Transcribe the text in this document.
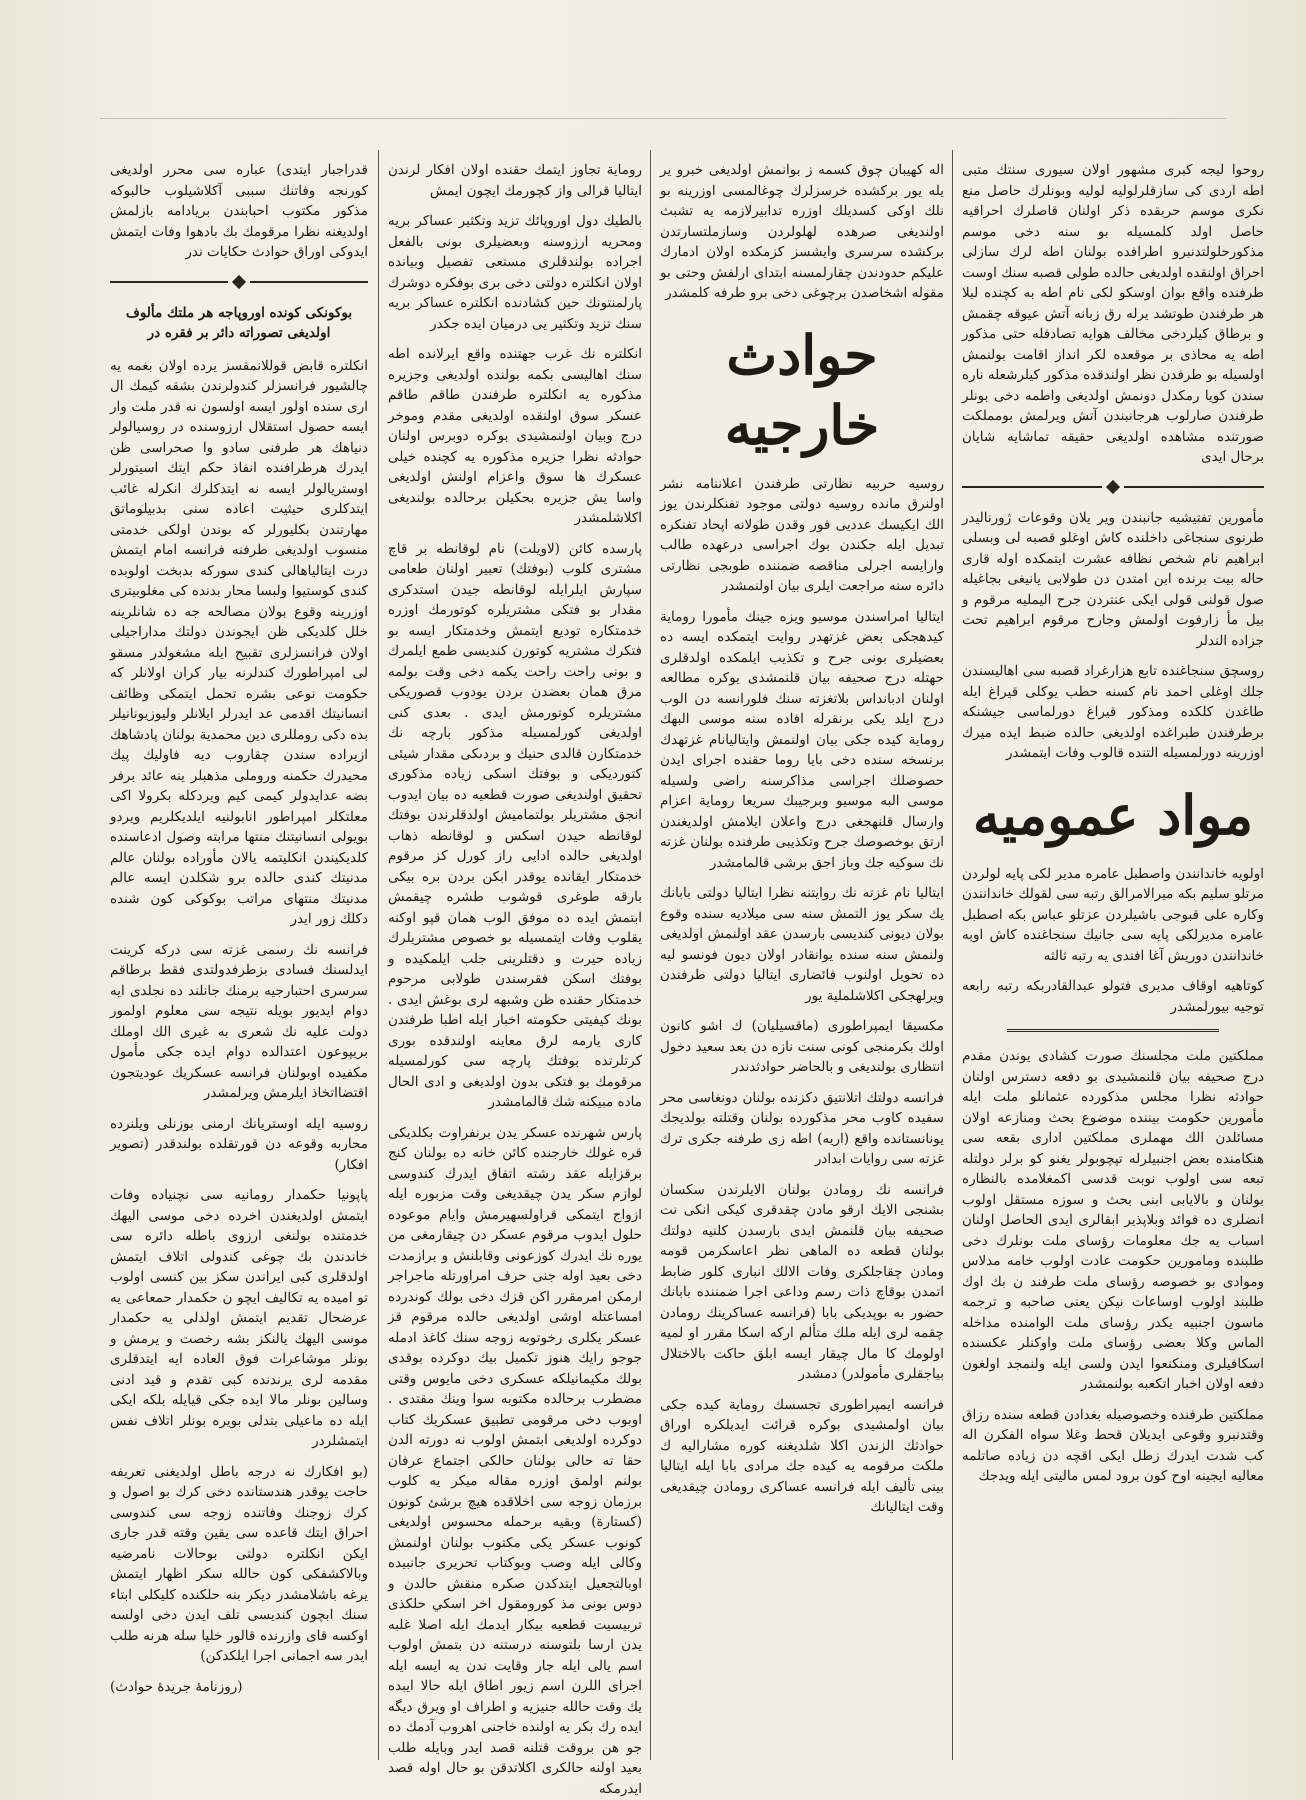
روحوا ليجه كبرى مشهور اولان سيورى سنتك متبى اطه اردى كى سازقلرلوليه لوليه وبونلرك حاصل منع نكرى موسم حربقده ذكر اولنان قاصلرك احراقيه حاصل اولد كلمسيله بو سنه دخى موسم مذكورحلولتدنبرو اطرافده بولنان اطه لرك سازلى احراق اولنقده اولديغى حالده طولى قصبه سنك اوست طرفنده واقع بوان اوسكو لكى نام اطه به كچنده ليلا هر طرفندن طوتشد يرله رق زبانه آتش عيوقه چقمش و برطاق كيلردخى مخالف هوايه تصادفله حتى مذكور اطه يه محاذى بر موقعده لكر انداز اقامت بولنمش اولسيله بو طرفدن نظر اولندقده مذكور كيلرشعله ناره سندن كويا رمكدل دونمش اولديغى واطمه دخى بونلر طرفندن صارلوب هرجانبندن آتش ويرلمش بومملكت صورتنده مشاهده اولديغى حقيقه تماشايه شايان برحال ايدى

مأمورين تفتيشيه جانبندن وير يلان وقوعات ژورناليدر طرنوى سنجاغى داخلنده كاش اوغلو قصبه لى وبسلى ابراهيم نام شخص نظافه عشرت ايتمكده اوله قارى حاله بيت برنده ابن امتدن دن طولابى يانيغى بجاغيله صول قولنى قولى ايكى عنتردن جرح اليمليه مرقوم و بيل مأ زارفوت اولمش وجارح مرقوم ابراهيم تحت جزاده الندلر

روسچق سنجاغنده تابع هزارغراد قصبه سى اهاليسندن جلك اوغلى احمد نام كسنه حطب يوكلى قيراغ ايله طاغدن كلكده ومذكور قيراغ دورلماسى جيشنكه برطرفندن طبراغده اولديغى حالده ضبط ايده ميرك اوزرينه دورلمسيله التنده قالوب وفات ايتمشدر

مواد عمومیه

اولويه خاندانندن واصطبل عامره مدير لكى پايه لولردن مرتلو سليم بكه ميرالامرالق رتبه سى لقولك خاندانندن وكاره على قبوجى باشيلردن عزتلو عباس بكه اصطبل عامره مديرلكى پايه سى جانيك سنجاغنده كاش اوبه خاندانندن دوريش آغا افندى يه رتبه ثالثه

كوتاهيه اوقاف مديرى فتولو عبدالقادربكه رتبه رابعه توجيه بيورلمشدر

مملكتين ملت مجلسنك صورت كشادى يوندن مقدم درج صحيفه بيان قلنمشيدى بو دفعه دسترس اولنان حوادثه نظرا مجلس مذكورده عثمانلو ملت ايله مأمورين حكومت بيننده موضوع بحث ومنازعه اولان مسائلدن الك مهملرى مملكتين ادارى بقعه سى هنكامنده بعض اجنبيلرله تپچوبولر يغنو كو برلر دولتله تبعه سى اولوب نوبت قدسى اكمغلامده بالنظاره بولنان و بالايابى ابنى بحث و سوزه مستقل اولوب انضلرى ده فوائد وبلاپذير ابقالرى ايدى الحاصل اولنان اسباب يه جك معلومات رؤساى ملت بونلرك دخى طلبنده ومامورين حكومت عادت اولوب خامه مدلاس وموادى بو خصوصه رؤساى ملت طرفند ن بك اوك طلبند اولوب اوساعات نيكن يعنى صاحبه و ترجمه ماسون اجنبيه يكدر رؤساى ملت الوامنده مداخله الماس وكلا بعضى رؤساى ملت واوكنلر عكسنده اسكافيلرى ومنكنعوا ايدن ولسى ايله ولنمجد اولغون دفعه اولان اخبار اتكعبه بولنمشدر

مملكتين طرفنده وخصوصيله بغدادن قطعه سنده رزاق وقتدنبرو وقوعى ايديلان قحط وغلا سواه الفكرن اله كب شدت ايدرك زطل ايكى اقچه دن زياده صاتلمه معاليه ايجينه اوح كون برود لمس ماليتى ايله ويدجك

اله كهيبان چوق كسمه ز بوانمش اولديغى خبرو ير يله يور بركشده خرسزلرك چوغالمسى اوزرينه بو نلك اوكى كسديلك اوزره تدابيرلازمه يه تشبث اولنديغى صرهده لهلولردن وسازملتسارتدن بركشده سرسرى وايشسز كزمكده اولان ادمارك عليكم حدودندن چقارلمسنه ابتداى ارلفش وحتى بو مقوله اشخاصدن برچوغى دخى برو طرفه كلمشدر

حوادث خارجیه

روسيه حربيه نظارتى طرفندن اعلاننامه نشر اولنرق مانده روسيه دولتى موجود تفنكلرندن يوز الك ايكيسك عدديى فور وقدن طولانه اپحاد تفنكره تبديل ايله جكندن بوك اجراسى درعهده طالب وارايسه اجرلى مناقصه ضمننده طوبجى نظارتى دائره سنه مراجعت ايلرى بيان اولنمشدر

ايتاليا امراسندن موسيو ويزه جينك مأمورا روماية كيدهجكى بعض غزتهدر روايت ايتمكده ايسه ده بعضيلرى بونى جرح و تكذيب ايلمكده اولدقلرى حهتله درج صحيفه بيان قلنمشدى يوكره مطالعه اولنان ادبانداس بلاتغزته سنك فلورانسه دن الوب درج ايلد يكى برنقرله افاده سنه موسى البهك روماية كيده جكى بيان اولنمش وايتاليانام غزتهدك برنسخه سنده دخى بايا روما حقنده اجراى ايدن حصوصلك اجراسى مذاكرسنه راضى ولسيله موسى البه موسيو وبرجيبك سريعا روماية اعزام وارسال قلنهجغى درج واعلان ايلامش اولديغندن ارتق بوخصوصك جرح وتكذيبى طرفنده بولنان غزته نك سوكيه جك وباز اجق برشى قالمامشدر

ايتاليا نام غزته نك روايتنه نظرا ايتاليا دولتى بابانك يك سكر يوز التمش سنه سى ميلاديه سنده وقوع بولان ديونى كنديسى بارسدن عقد اولنمش اولديغى ولنمش سنه سنده يوانقادر اولان ديون فونسو ليه ده تحويل اولنوب فائضارى ايتاليا دولتى طرفندن ويرلهجكى اكلاشلملية يور

مكسيقا ايمپراطورى (ماقسيليان) ك اشو كانون اولك بكرمنجى كونى سنت نازه دن بعد سعيد دخول انتظارى بولنديغى و بالحاضر حوادثدندر

فرانسه دولتك اتلانتيق دكزنده بولنان دونغاسى محر سفيده كاوب محر مذكورده بولنان وقتلته بولديجك يونانستانده واقع (اريه) اطه زى طرفنه جكرى ترك غزته سى روايات ابدادر

فرانسه نك رومادن بولنان الايلرندن سكسان بشنجى الايك ارقو مادن چقدقرى كيكى انكى نت صحيفه بيان قلنمش ايدى بارسدن كلنيه دولتك بولنان قطعه ده الماهى نظر اعاسكرمن قومه ومادن چقاجلكرى وفات الالك انبارى كلور ضابط اتمدن بوقاچ ذات رسم وداعى اجرا ضمننده بابانك حضور به بوپديكى بابا (فرانسه عساكرينك رومادن چقمه لرى ايله ملك متألم اركه اسكا مقرر او لميه اولومك كا مال چيقار ايسه ابلق حاكت بالاختلال بياجقلرى مأمولدر) دمشدر

فرانسه ايمپراطورى تجسسك روماية كيده جكى بيان اولمشيدى بوكره قرائت ايديلكره اوراق حوادثك الزندن اكلا شلديغنه كوره مشاراليه ك ملكت مرقومه يه كيده جك مرادى بابا ايله ايتاليا بينى تأليف ايله فرانسه عساكرى رومادن چيقديغى وقت ايتاليانك

روماية تجاوز ايتمك حقنده اولان افكار لرندن ايتاليا قرالى واز كچورمك ايچون ايمش

بالطيك دول اوروپائك تزيد وتكثير عساكر بريه ومحريه ارزوسنه وبعضيلرى بونى بالفعل اجراده بولندقلرى مستعى تفصيل وبيانده اولان انكلتره دولتى دخى برى بوفكره دوشرك پارلمنتونك حين كشادنده انكلتره عساكر بريه سنك تزيد وتكثير يى درميان ايده جكدر

انكلتره نك غرب جهتنده واقع ايرلانده اطه سنك اهاليسى بكمه بولنده اولديغى وجزيره مذكوره يه انكلتره طرفندن طاقم طاقم عسكر سوق اولنقده اولديغى مقدم وموخر درج وبيان اولنمشيدى بوكره دوبرس اولنان حوادثه نظرا جزيره مذكوره يه كچنده خيلى عسكرك ها سوق واعزام اولنش اولديغى واسا يش جزيره بحكيلن برحالده بولنديغى اكلاشلمشدر

پارسده كائن (لاويلت) نام لوقانطه بر قاچ مشترى كلوب (بوفتك) تعبير اولنان طعامى سپارش ايلرايله لوقانطه جيدن استدكرى مقدار بو فتكى مشتريلره كوتورمك اوزره خدمتكاره توديع ايتمش وخدمتكار ايسه بو فتكرك مشتريه كوتورن كنديسى طمع ايلمرك و بونى راحت راحت يكمه دخى وقت بولمه مرق همان بعضدن بردن يودوب قصوريكى مشتريلره كوتورمش ايدى . بعدى كنى اولديغى كورلمسيله مذكور بارچه نك خدمتكارن قالدى حنيك و بردىكى مقدار شيئى كتورديكى و بوفتك اسكى زياده مذكورى تحقيق اولنديغى صورت قطعيه ده بيان ايدوب انجق مشتريلر بولتماميش اولدقلرندن بوفتك لوقانطه حيدن اسكس و لوقانطه ذهاب اولديغى حالده ادايى راز كورل كز مرقوم خدمتكار ايقانده يوقدر ابكن بردن بره بيكى بارقه طوغرى قوشوب طشره چيقمش ابتمش ايده ده موفق الوب همان قپو اوكنه يقلوب وفات ايتمسيله بو خصوص مشتريلرك زياده حيرت و دقتلرينى جلب ايلمكيده و بوفتك اسكن فقرسندن طولابى مرحوم خدمتكار حقنده ظن وشبهه لرى بوغش ايدى . بونك كيفيتى حكومته اخبار ايله اطبا طرفندن كارى يارمه لرق معاينه اولندقده بورى كرتلرتده بوفتك پارچه سى كورلمسيله مرقومك بو فتكى بدون اولديغى و ادى الحال ماده مبيكنه شك قالمامشدر

پارس شهرنده عسكر يدن برنفراوت بكلديكى قره غولك خارجنده كائن خانه ده بولنان كنج برقزايله عقد رشته اتفاق ايدرك كندوسى لوازم سكر يدن چيقديغى وقت مزبوره ايله ازواج ايتمكى قراولسهيرمش وايام موعوده حلول ايدوب مرقوم عسكر دن چيقارمغى من يوره نك ايدرك كوزعونى وقابلنش و برازمدت دخى بعيد اوله جنى حرف امراورتله ماجراجر ارمكن امرمقرر اكن قزك دخى بولك كوندرده امساعتله اوشى اولديغى حالده مرقوم قز عسكر يكلرى رخوتوبه زوجه سنك كاغذ ادمله جوجو رايك هنوز تكميل بيك دوكرده بوقدى بولك مكيمانيلكه عسكرى دخى مايوس وقتى مضطرب برحالده مكتوبه سوا وينك مقتدى . اوبوب دخى مرقومى تطبيق عسكريك كتاب دوكرده اولديغى ابتمش اولوب نه دورته الدن حقا ته حالى بولنان حالكى اجتماع عرفان بولنم اولمق اوزره مقاله ميكر يه كلوب برزمان زوجه سى اخلاقده هيچ برشئ كونون (كستارة) وبقيه برحمله محسوس اولديغى كونوب عسكر يكى مكتوب بولنان اولنمش وكالى ايله وصب وبوكتاب تحريرى جانبيده اوبالتجعيل ايتدكدن صكره منقش حالدن و دوس بونى مذ كورومقول اخر اسكي حلكذى تربيسيت قطعيه بيكار ايدمك ايله اصلا غلبه يدن ارسا بلتوسنه درستنه دن بتمش اولوب اسم يالى ايله جار وقايت ندن يه ايسه ايله اجراى اللرن اسم زيور اطاق ايله حالا ايبده يك وقت حالله جنيزيه و اطراف او ويرق ديگه ايده رك بكر يه اولنده خاجنى اهروب آدمك ده جو هن بروقت قتلنه قصد ايدر وبايله طلب بعيد اولنه حالكرى اكلاتدقن بو حال اوله قصد ايدرمكه

قدراجبار ايتدى) عباره سى محرر اولديغى كورنجه وفاتنك سببى آكلاشيلوب حالبوكه مذكور مكتوب احبابندن بريادامه بازلمش اولديغنه نظرا مرقومك بك بادهوا وفات ايتمش ايدوكى اوراق حوادث حكايات ندر

بوكونكى كونده اوروپاجه هر ملتك مألوف اولديغى تصوراته دائر بر فقره در

انكلتره قابض قوللانمقسز يرده اولان بغمه يه چالشيور فرانسزلر كندولرندن بشقه كيمك ال ارى سنده اولور ايسه اولسون نه قدر ملت وار ايسه حصول استقلال ارزوسنده در روسيالولر دنياهك هر طرفنى سادو وا صحراسى ظن ايدرك هرطرافنده انفاذ حكم ايتك اسيتورلر اوستريالولر ايسه نه ايتدكلرك انكرله غائب ايتدكلرى حيثيت اعاده سنى بدبيلوماتق مهارتندن بكليورلر كه بوندن اولكى خدمتى منسوب اولديغى طرفنه فرانسه امام ايتمش درت ايتالياهالى كندى سوركه بدبخت اولوبده كندى كوستيوا ولبسا محار بدنده كى مغلوبيترى اوزرينه وقوع بولان مصالحه جه ده شانلرينه خلل كلديكى ظن ايجوندن دولتك مداراجيلى اولان فرانسزلرى تقبيح ايله مشغولدر مسقو لى امپراطورك كندلرنه بيار كران اولانلر كه حكومت نوعى بشره تحمل ايتمكى وظائف انسانيتك اقدمى عد ايدرلر ايلانلر وليوزيونانيلر بده دكى رومللرى دين محمدية بولنان پادشاهك ازيراده سندن چقاروب ديه فاوليك پيك محيدرك حكمنه وروملى مذهبلر ينه عائد برفر بضه عدايدولر كيمى كيم ويردكله بكرولا اكى معلتكلر امپراطور انابولنيه ايلديكلريم ويردو بويولى انسانيتنك منتها مرابته وصول ادعاسنده كلديكيندن انكليتمه يالان مأوراده بولنان عالم مدنيتك كندى حالده برو شكلدن ايسه عالم مدنيتك منتهاى مراتب بوكوكى كون شنده دكلك زور ايدر

فرانسه نك رسمى غزته سى دركه كرينت ايدلسنك فسادى بزطرفدولتدى فقط برطاقم سرسرى احتبارجيه برمنك جانلند ده نجلدى ايه دوام ايديور بويله نتيجه سى معلوم اولمور دولت عليه نك شعرى به غيرى الك اوملك بريپوعون اعتدالده دوام ايده جكى مأمول مكفيده اوبولنان فرانسه عسكريك عوديتجون اقتضااتخاذ ايلرمش ويرلمشدر

روسيه ايله اوستريانك ارمنى بوزنلى ويلنرده محاربه وقوعه دن قورتقلده بولندقدر (تصوير افكار)

پاپونيا حكمدار رومانيه سى نچنياده وفات ايتمش اولديغندن اخرده دخى موسى اليهك خدمتنده بولنغى ارزوى باطله دائره سى خاندندن بك چوغى كندولى اتلاف ايتمش اولدقلرى كبى ايراندن سكز بين كنسى اولوب تو اميده يه تكاليف ايچو ن حكمدار حمعاعى يه عرضحال تقديم ايتمش اولدلى يه حكمدار موسى اليهك يالنكز بشه رخصت و يرمش و بونلر موشاعرات فوق العاده ايه ايتدقلرى مقدمه لرى يرندنده كبى تقدم و قيد ادنى وسالين بونلر مالا ايده جكى قيايله بلكه ايكى ايله ده ماعيلى بتدلى بويره بونلر اتلاف نفس ايتمشلردر

(بو افكارك نه درجه باطل اولديغنى تعريفه حاجت يوقدر هندستانده دخى كرك بو اصول و كرك زوجنك وفاتنده زوجه سى كندوسى احراق ايتك قاعده سى يقين وقته قدر جارى ايكن انكلتره دولتى بوحالات نامرضيه وبالاكشفكى كون حالله سكر اظهار ايتمش يرغه باشلامشدر ديكر بنه حلكنده كليكلى ابتاء سنك ابچون كنديسى تلف ايدن دخى اولسه اوكسه قاى وازرنده قالور خليا سله هرنه طلب ايدر سه اجمانى اجرا ايلكدكن)

(روزنامهٔ جريدهٔ حوادث)
